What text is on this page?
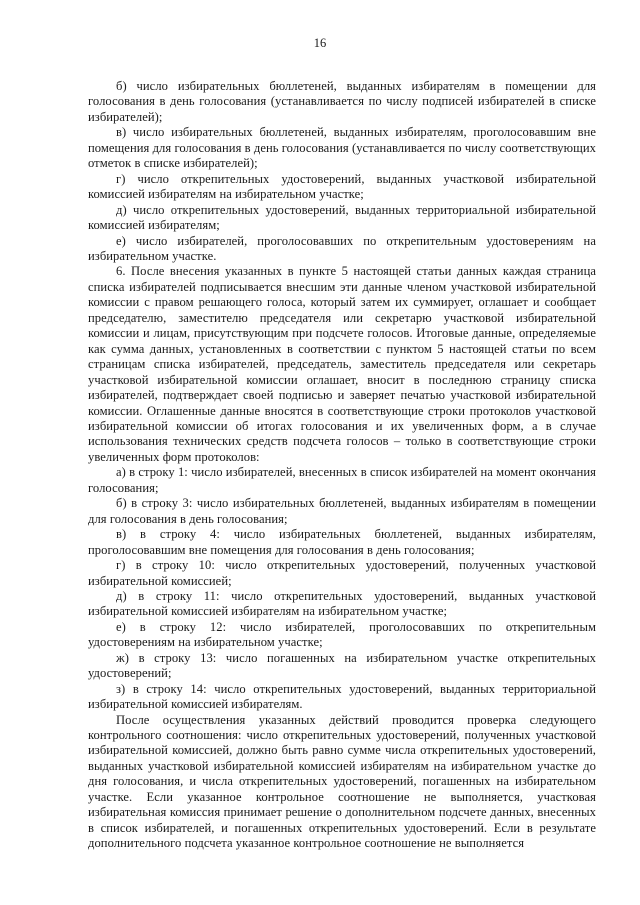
16

б) число избирательных бюллетеней, выданных избирателям в помещении для голосования в день голосования (устанавливается по числу подписей избирателей в списке избирателей);

в) число избирательных бюллетеней, выданных избирателям, проголосовавшим вне помещения для голосования в день голосования (устанавливается по числу соответствующих отметок в списке избирателей);

г) число открепительных удостоверений, выданных участковой избирательной комиссией избирателям на избирательном участке;

д) число открепительных удостоверений, выданных территориальной избирательной комиссией избирателям;

е) число избирателей, проголосовавших по открепительным удостоверениям на избирательном участке.

6. После внесения указанных в пункте 5 настоящей статьи данных каждая страница списка избирателей подписывается внесшим эти данные членом участковой избирательной комиссии с правом решающего голоса, который затем их суммирует, оглашает и сообщает председателю, заместителю председателя или секретарю участковой избирательной комиссии и лицам, присутствующим при подсчете голосов. Итоговые данные, определяемые как сумма данных, установленных в соответствии с пунктом 5 настоящей статьи по всем страницам списка избирателей, председатель, заместитель председателя или секретарь участковой избирательной комиссии оглашает, вносит в последнюю страницу списка избирателей, подтверждает своей подписью и заверяет печатью участковой избирательной комиссии. Оглашенные данные вносятся в соответствующие строки протоколов участковой избирательной комиссии об итогах голосования и их увеличенных форм, а в случае использования технических средств подсчета голосов – только в соответствующие строки увеличенных форм протоколов:

а) в строку 1: число избирателей, внесенных в список избирателей на момент окончания голосования;

б) в строку 3: число избирательных бюллетеней, выданных избирателям в помещении для голосования в день голосования;

в) в строку 4: число избирательных бюллетеней, выданных избирателям, проголосовавшим вне помещения для голосования в день голосования;

г) в строку 10: число открепительных удостоверений, полученных участковой избирательной комиссией;

д) в строку 11: число открепительных удостоверений, выданных участковой избирательной комиссией избирателям на избирательном участке;

е) в строку 12: число избирателей, проголосовавших по открепительным удостоверениям на избирательном участке;

ж) в строку 13: число погашенных на избирательном участке открепительных удостоверений;

з) в строку 14: число открепительных удостоверений, выданных территориальной избирательной комиссией избирателям.

После осуществления указанных действий проводится проверка следующего контрольного соотношения: число открепительных удостоверений, полученных участковой избирательной комиссией, должно быть равно сумме числа открепительных удостоверений, выданных участковой избирательной комиссией избирателям на избирательном участке до дня голосования, и числа открепительных удостоверений, погашенных на избирательном участке. Если указанное контрольное соотношение не выполняется, участковая избирательная комиссия принимает решение о дополнительном подсчете данных, внесенных в список избирателей, и погашенных открепительных удостоверений. Если в результате дополнительного подсчета указанное контрольное соотношение не выполняется
